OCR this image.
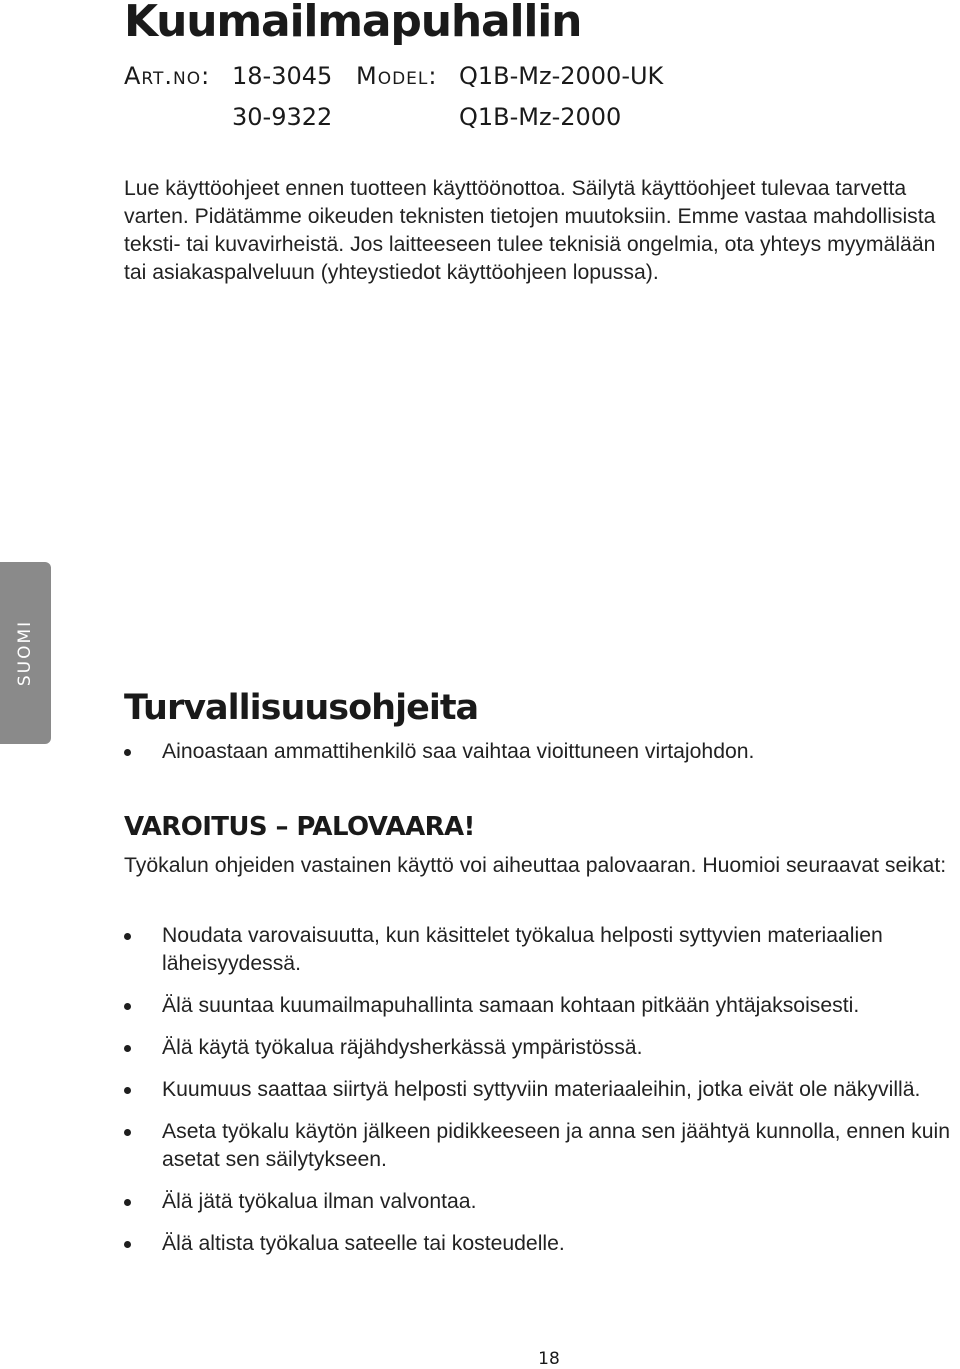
Kuumailmapuhallin
Art.no: 18-3045 Model: Q1B-Mz-2000-UK
30-9322	Q1B-Mz-2000

Lue käyttöohjeet ennen tuotteen käyttöönottoa. Säilytä käyttöohjeet tulevaa tarvetta varten. Pidätämme oikeuden teknisten tietojen muutoksiin. Emme vastaa mahdollisista teksti- tai kuvavirheistä. Jos laitteeseen tulee teknisiä ongelmia, ota yhteys myymälään tai asiakaspalveluun (yhteystiedot käyttöohjeen lopussa).

SUOMI
Turvallisuusohjeita
Ainoastaan ammattihenkilö saa vaihtaa vioittuneen virtajohdon.
VAROITUS – PALOVAARA!

Työkalun ohjeiden vastainen käyttö voi aiheuttaa palovaaran. Huomioi seuraavat seikat:

Noudata varovaisuutta, kun käsittelet työkalua helposti syttyvien materiaalien läheisyydessä.
Älä suuntaa kuumailmapuhallinta samaan kohtaan pitkään yhtäjaksoisesti.
Älä käytä työkalua räjähdysherkässä ympäristössä.
Kuumuus saattaa siirtyä helposti syttyviin materiaaleihin, jotka eivät ole näkyvillä.
Aseta työkalu käytön jälkeen pidikkeeseen ja anna sen jäähtyä kunnolla, ennen kuin asetat sen säilytykseen.
Älä jätä työkalua ilman valvontaa.
Älä altista työkalua sateelle tai kosteudelle.
18
